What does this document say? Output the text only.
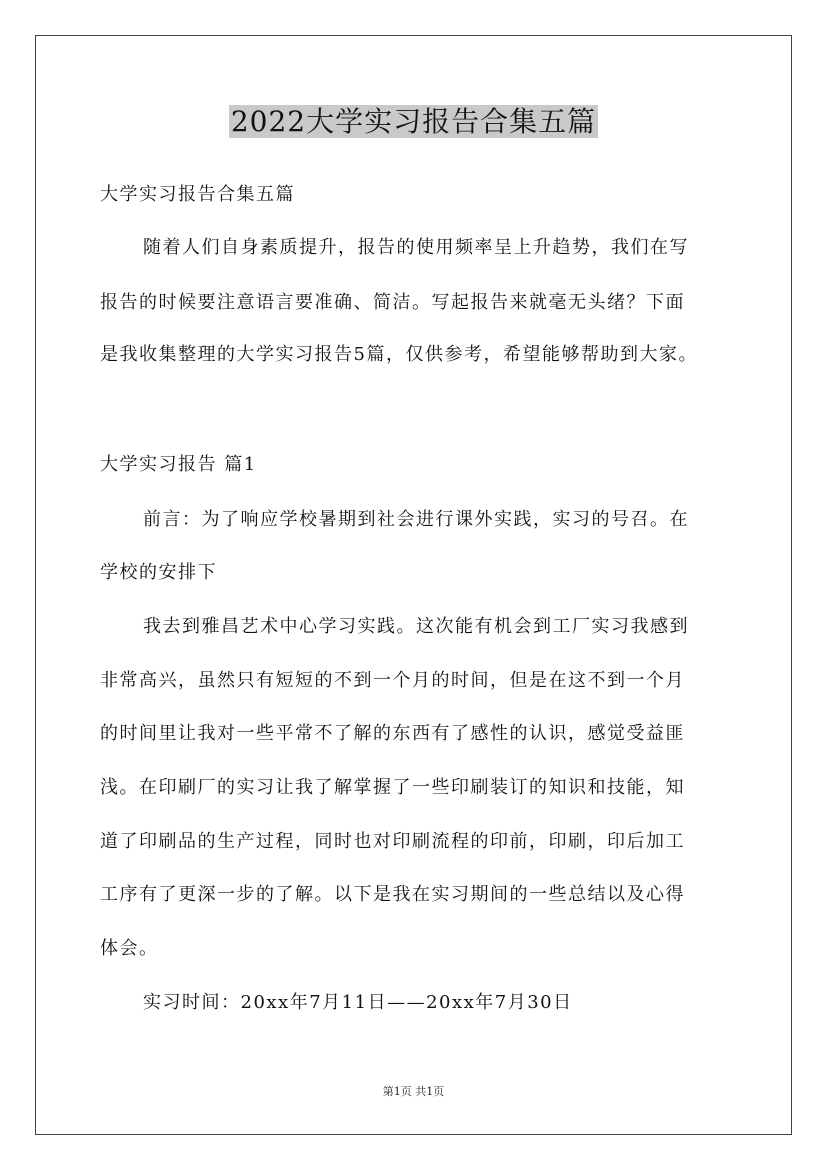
2022大学实习报告合集五篇
大学实习报告合集五篇
随着人们自身素质提升，报告的使用频率呈上升趋势，我们在写
报告的时候要注意语言要准确、简洁。写起报告来就毫无头绪？下面
是我收集整理的大学实习报告5篇，仅供参考，希望能够帮助到大家。
大学实习报告 篇1
前言：为了响应学校暑期到社会进行课外实践，实习的号召。在
学校的安排下
我去到雅昌艺术中心学习实践。这次能有机会到工厂实习我感到
非常高兴，虽然只有短短的不到一个月的时间，但是在这不到一个月
的时间里让我对一些平常不了解的东西有了感性的认识，感觉受益匪
浅。在印刷厂的实习让我了解掌握了一些印刷装订的知识和技能，知
道了印刷品的生产过程，同时也对印刷流程的印前，印刷，印后加工
工序有了更深一步的了解。以下是我在实习期间的一些总结以及心得
体会。
实习时间：20xx年7月11日——20xx年7月30日
第1页 共1页
